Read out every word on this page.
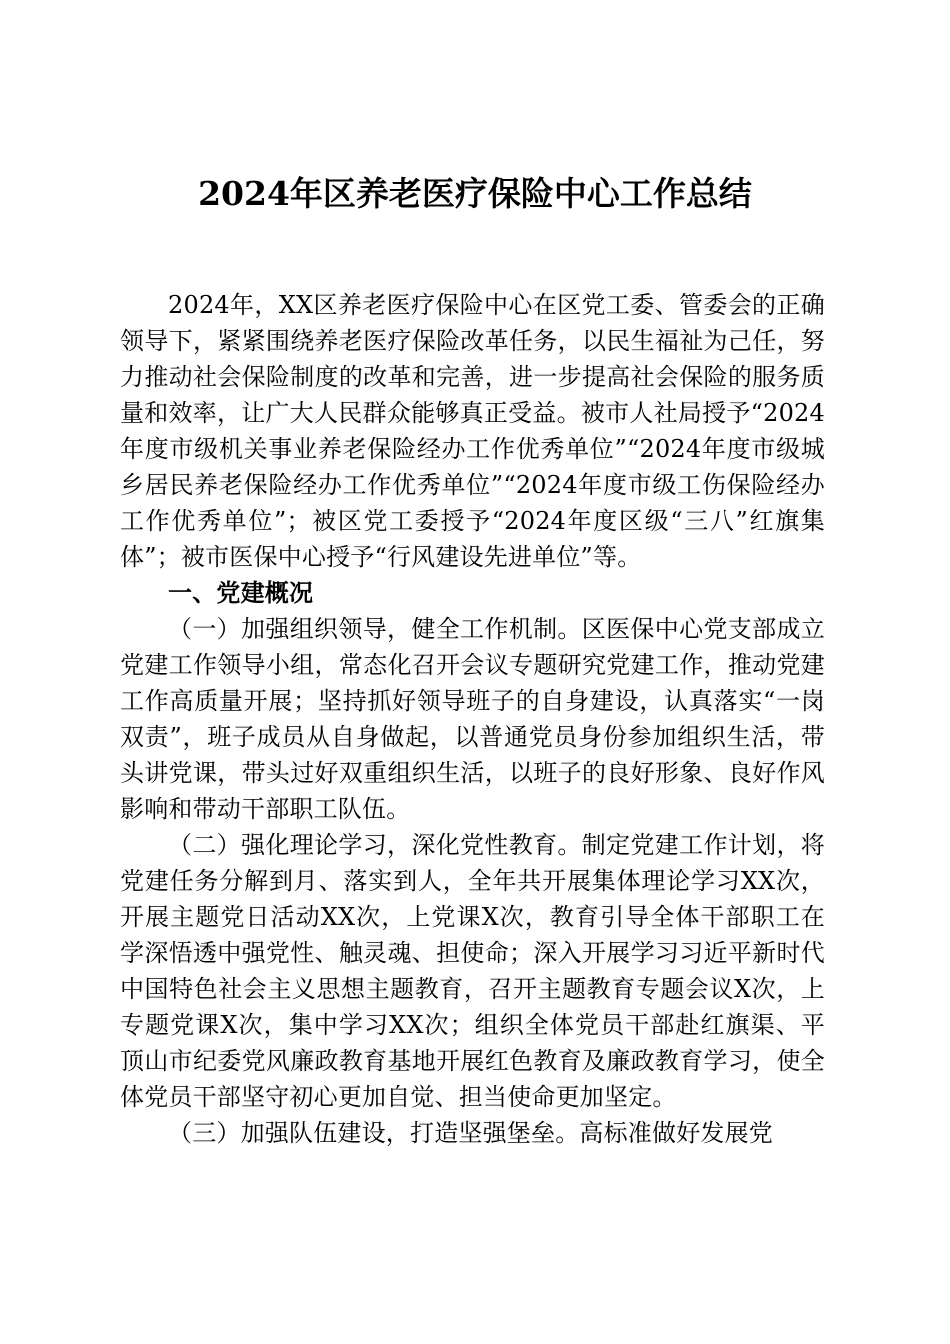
2024年区养老医疗保险中心工作总结

2024年，XX区养老医疗保险中心在区党工委、管委会的正确领导下，紧紧围绕养老医疗保险改革任务，以民生福祉为己任，努力推动社会保险制度的改革和完善，进一步提高社会保险的服务质量和效率，让广大人民群众能够真正受益。被市人社局授予“2024年度市级机关事业养老保险经办工作优秀单位”“2024年度市级城乡居民养老保险经办工作优秀单位”“2024年度市级工伤保险经办工作优秀单位”；被区党工委授予“2024年度区级“三八”红旗集体”；被市医保中心授予“行风建设先进单位”等。

一、党建概况

（一）加强组织领导，健全工作机制。区医保中心党支部成立党建工作领导小组，常态化召开会议专题研究党建工作，推动党建工作高质量开展；坚持抓好领导班子的自身建设，认真落实“一岗双责”，班子成员从自身做起，以普通党员身份参加组织生活，带头讲党课，带头过好双重组织生活，以班子的良好形象、良好作风影响和带动干部职工队伍。

（二）强化理论学习，深化党性教育。制定党建工作计划，将党建任务分解到月、落实到人，全年共开展集体理论学习XX次，开展主题党日活动XX次，上党课X次，教育引导全体干部职工在学深悟透中强党性、触灵魂、担使命；深入开展学习习近平新时代中国特色社会主义思想主题教育，召开主题教育专题会议X次，上专题党课X次，集中学习XX次；组织全体党员干部赴红旗渠、平顶山市纪委党风廉政教育基地开展红色教育及廉政教育学习，使全体党员干部坚守初心更加自觉、担当使命更加坚定。

（三）加强队伍建设，打造坚强堡垒。高标准做好发展党
